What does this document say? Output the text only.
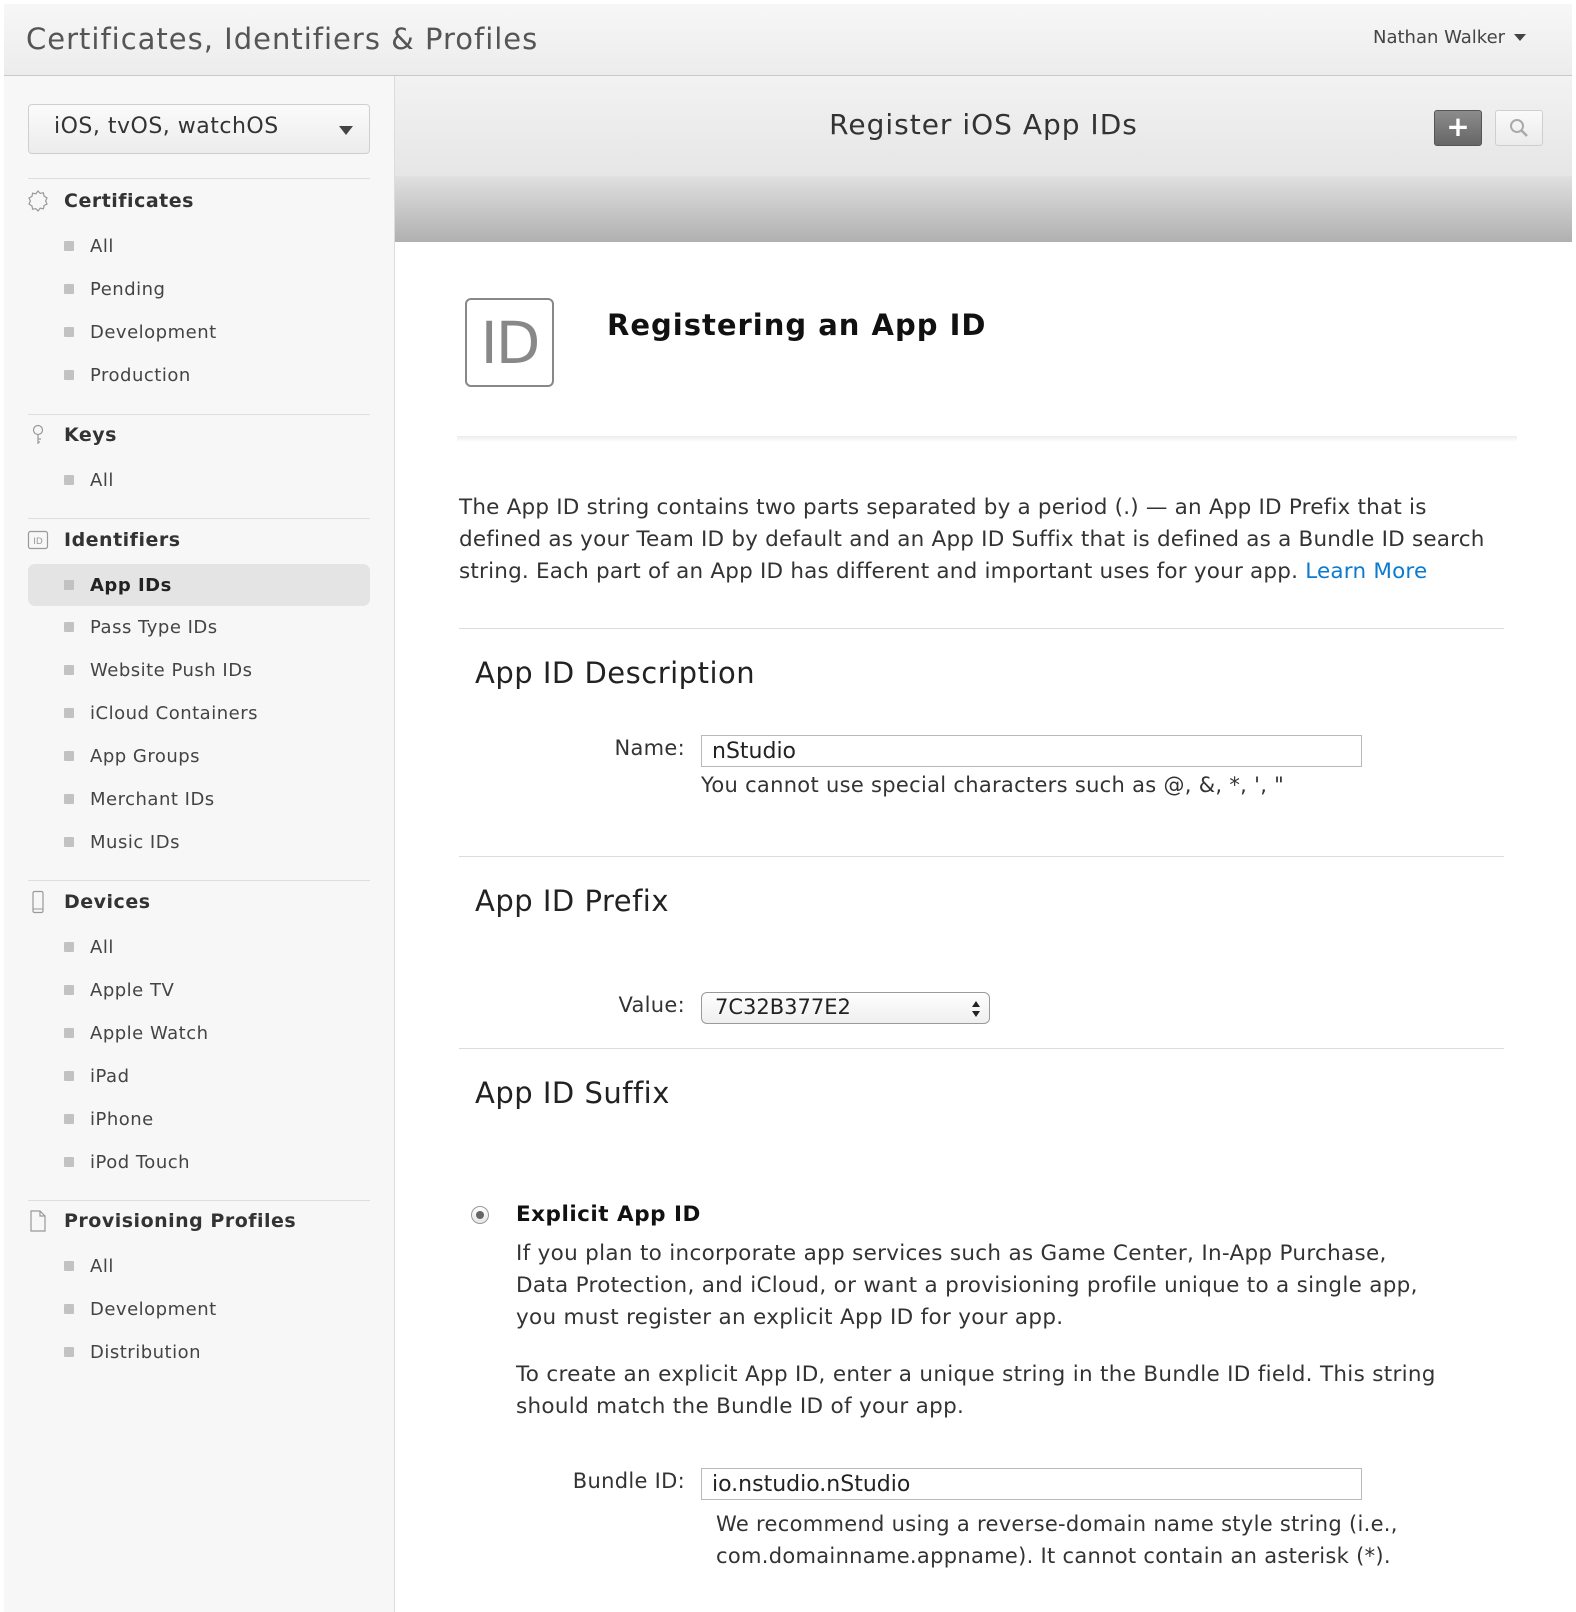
Certificates, Identifiers & Profiles	Nathan Walker
iOS, tvOS, watchOS
Certificates
All
Pending
Development
Production
Keys
All
ID Identifiers
App IDs
Pass Type IDs
Website Push IDs
iCloud Containers
App Groups
Merchant IDs
Music IDs
Devices
All
Apple TV
Apple Watch
iPad
iPhone
iPod Touch
Provisioning Profiles
All
Development
Distribution
Register iOS App IDs	+
ID	Registering an App ID
The App ID string contains two parts separated by a period (.) — an App ID Prefix that is defined as your Team ID by default and an App ID Suffix that is defined as a Bundle ID search string. Each part of an App ID has different and important uses for your app. Learn More
App ID Description
Name:
nStudio
You cannot use special characters such as @, &, *, ', "
App ID Prefix
Value:	7C32B377E2
App ID Suffix
Explicit App ID
If you plan to incorporate app services such as Game Center, In-App Purchase, Data Protection, and iCloud, or want a provisioning profile unique to a single app, you must register an explicit App ID for your app.
To create an explicit App ID, enter a unique string in the Bundle ID field. This string should match the Bundle ID of your app.
Bundle ID:
io.nstudio.nStudio
We recommend using a reverse-domain name style string (i.e., com.domainname.appname). It cannot contain an asterisk (*).
